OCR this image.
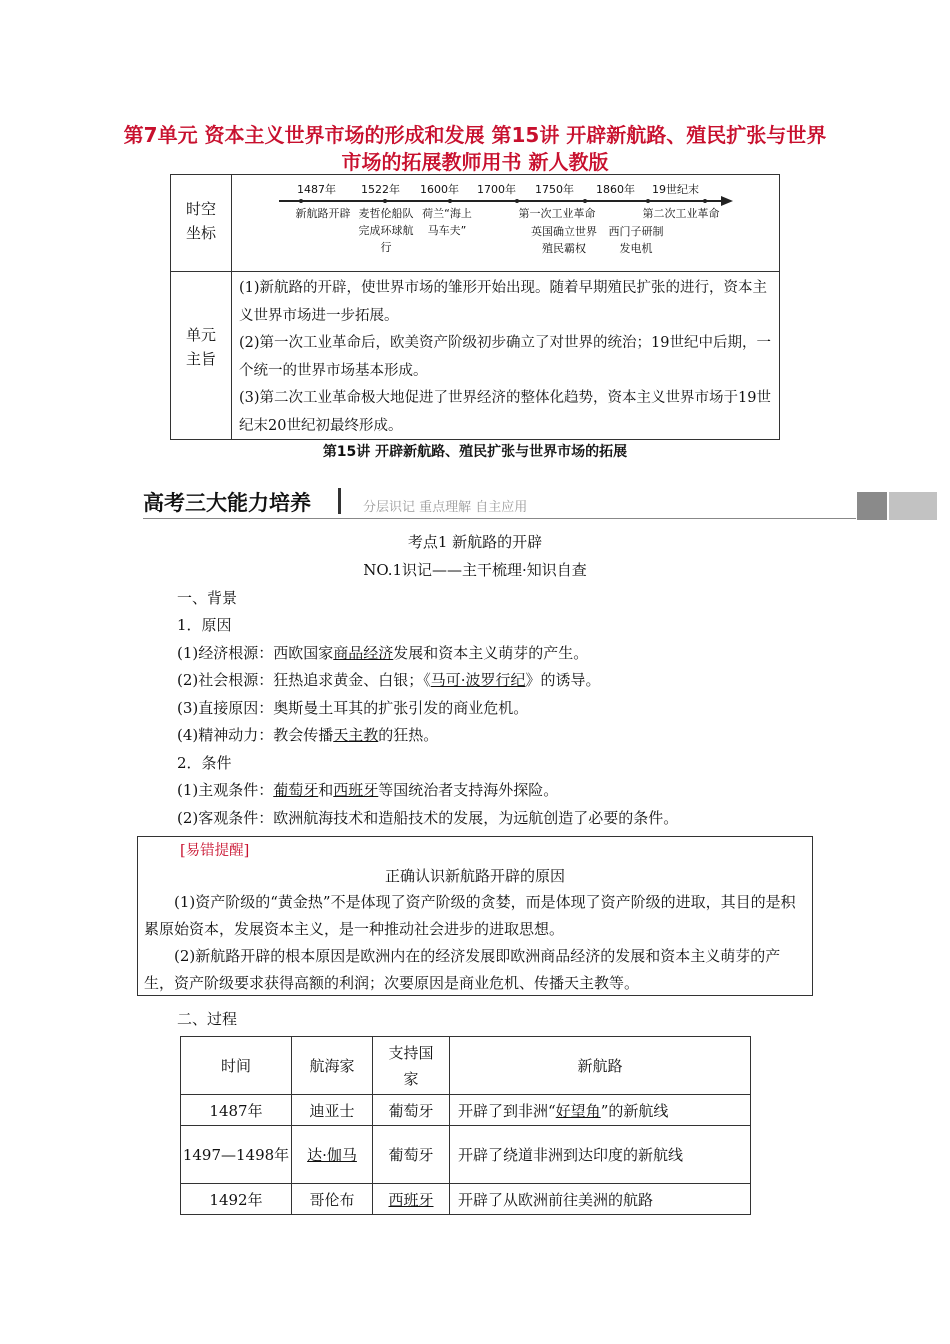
第7单元 资本主义世界市场的形成和发展 第15讲 开辟新航路、殖民扩张与世界市场的拓展教师用书 新人教版
时空坐标
1487年 1522年 1600年 1700年 1750年 1860年 19世纪末
新航路开辟 麦哲伦船队完成环球航行
荷兰“海上马车夫”
第一次工业革命
英国确立世界殖民霸权
西门子研制发电机
第二次工业革命
单元主旨
(1)新航路的开辟，使世界市场的雏形开始出现。随着早期殖民扩张的进行，资本主义世界市场进一步拓展。
(2)第一次工业革命后，欧美资产阶级初步确立了对世界的统治；19世纪中后期，一个统一的世界市场基本形成。
(3)第二次工业革命极大地促进了世界经济的整体化趋势，资本主义世界市场于19世纪末20世纪初最终形成。
第15讲 开辟新航路、殖民扩张与世界市场的拓展
高考三大能力培养	分层识记 重点理解 自主应用
考点1 新航路的开辟
NO.1识记——主干梳理·知识自查
一、背景
1．原因
(1)经济根源：西欧国家商品经济发展和资本主义萌芽的产生。
(2)社会根源：狂热追求黄金、白银；《马可·波罗行纪》的诱导。
(3)直接原因：奥斯曼土耳其的扩张引发的商业危机。
(4)精神动力：教会传播天主教的狂热。
2．条件
(1)主观条件：葡萄牙和西班牙等国统治者支持海外探险。
(2)客观条件：欧洲航海技术和造船技术的发展，为远航创造了必要的条件。
[易错提醒]
正确认识新航路开辟的原因
(1)资产阶级的“黄金热”不是体现了资产阶级的贪婪，而是体现了资产阶级的进取，其目的是积累原始资本，发展资本主义，是一种推动社会进步的进取思想。
(2)新航路开辟的根本原因是欧洲内在的经济发展即欧洲商品经济的发展和资本主义萌芽的产生，资产阶级要求获得高额的利润；次要原因是商业危机、传播天主教等。
二、过程
时间	航海家	支持国家	新航路
1487年	迪亚士	葡萄牙	开辟了到非洲“好望角”的新航线
1497—1498年	达·伽马	葡萄牙	开辟了绕道非洲到达印度的新航线
1492年	哥伦布	西班牙	开辟了从欧洲前往美洲的航路
